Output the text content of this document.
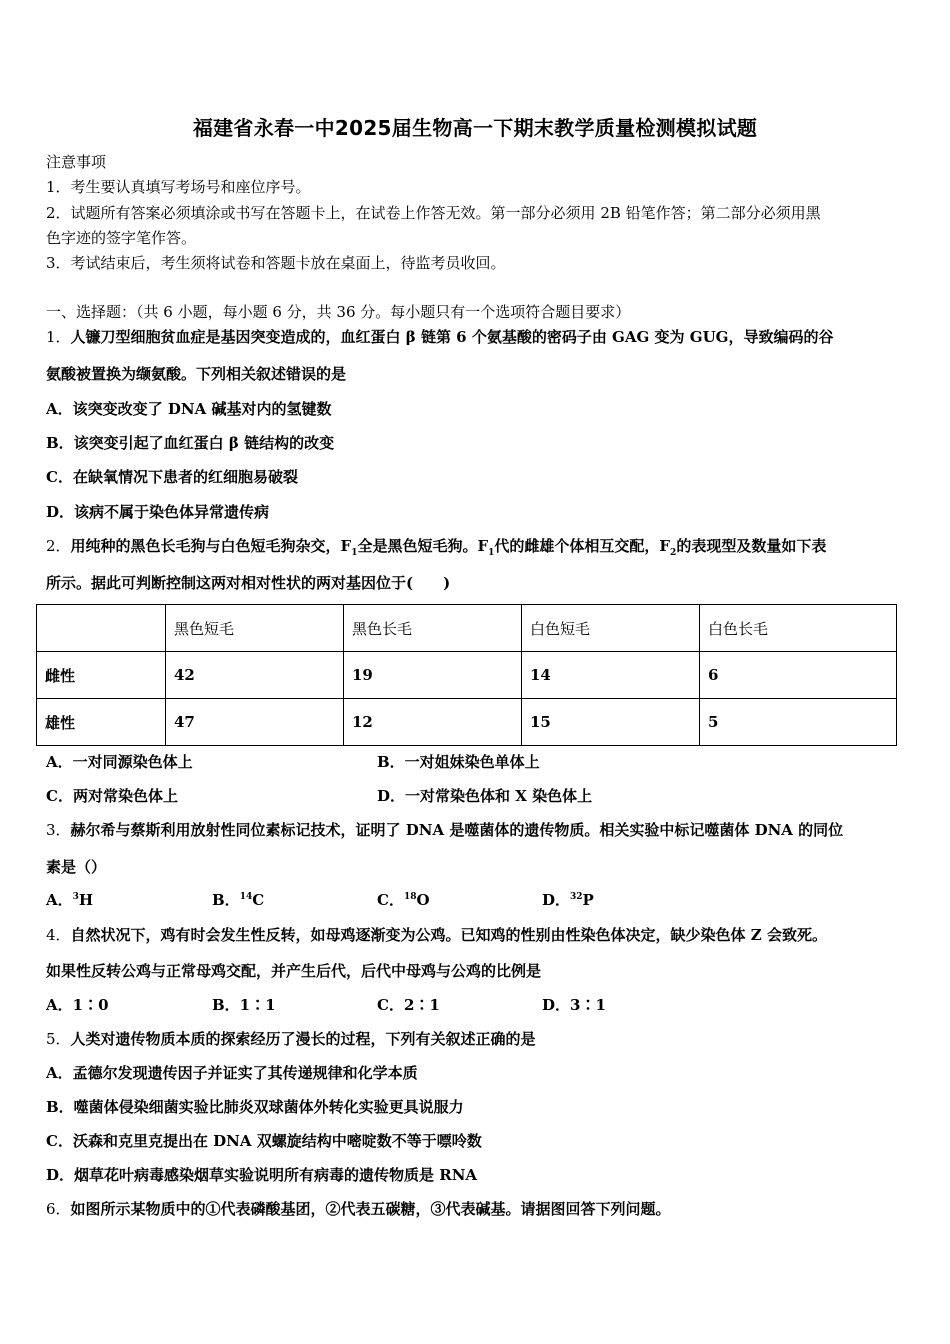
福建省永春一中2025届生物高一下期末教学质量检测模拟试题
注意事项
1．考生要认真填写考场号和座位序号。
2．试题所有答案必须填涂或书写在答题卡上，在试卷上作答无效。第一部分必须用 2B 铅笔作答；第二部分必须用黑
色字迹的签字笔作答。
3．考试结束后，考生须将试卷和答题卡放在桌面上，待监考员收回。
一、选择题：（共 6 小题，每小题 6 分，共 36 分。每小题只有一个选项符合题目要求）
1．人镰刀型细胞贫血症是基因突变造成的，血红蛋白 β 链第 6 个氨基酸的密码子由 GAG 变为 GUG，导致编码的谷
氨酸被置换为缬氨酸。下列相关叙述错误的是
A．该突变改变了 DNA 碱基对内的氢键数
B．该突变引起了血红蛋白 β 链结构的改变
C．在缺氧情况下患者的红细胞易破裂
D．该病不属于染色体异常遗传病
2．用纯种的黑色长毛狗与白色短毛狗杂交，$F_1$全是黑色短毛狗。$F_1$代的雌雄个体相互交配，$F_2$的表现型及数量如下表
所示。据此可判断控制这两对相对性状的两对基因位于(　　)
	黑色短毛	黑色长毛	白色短毛	白色长毛
雌性	42	19	14	6
雄性	47	12	15	5
A．一对同源染色体上	B．一对姐妹染色单体上
C．两对常染色体上	D．一对常染色体和 X 染色体上
3．赫尔希与蔡斯利用放射性同位素标记技术，证明了 DNA 是噬菌体的遗传物质。相关实验中标记噬菌体 DNA 的同位
素是（）
A．$^3$H	B．$^{14}$C	C．$^{18}$O	D．$^{32}$P
4．自然状况下，鸡有时会发生性反转，如母鸡逐渐变为公鸡。已知鸡的性别由性染色体决定，缺少染色体 Z 会致死。
如果性反转公鸡与正常母鸡交配，并产生后代，后代中母鸡与公鸡的比例是
A．1∶0	B．1∶1	C．2∶1	D．3∶1
5．人类对遗传物质本质的探索经历了漫长的过程，下列有关叙述正确的是
A．孟德尔发现遗传因子并证实了其传递规律和化学本质
B．噬菌体侵染细菌实验比肺炎双球菌体外转化实验更具说服力
C．沃森和克里克提出在 DNA 双螺旋结构中嘧啶数不等于嘌呤数
D．烟草花叶病毒感染烟草实验说明所有病毒的遗传物质是 RNA
6．如图所示某物质中的①代表磷酸基团，②代表五碳糖，③代表碱基。请据图回答下列问题。
